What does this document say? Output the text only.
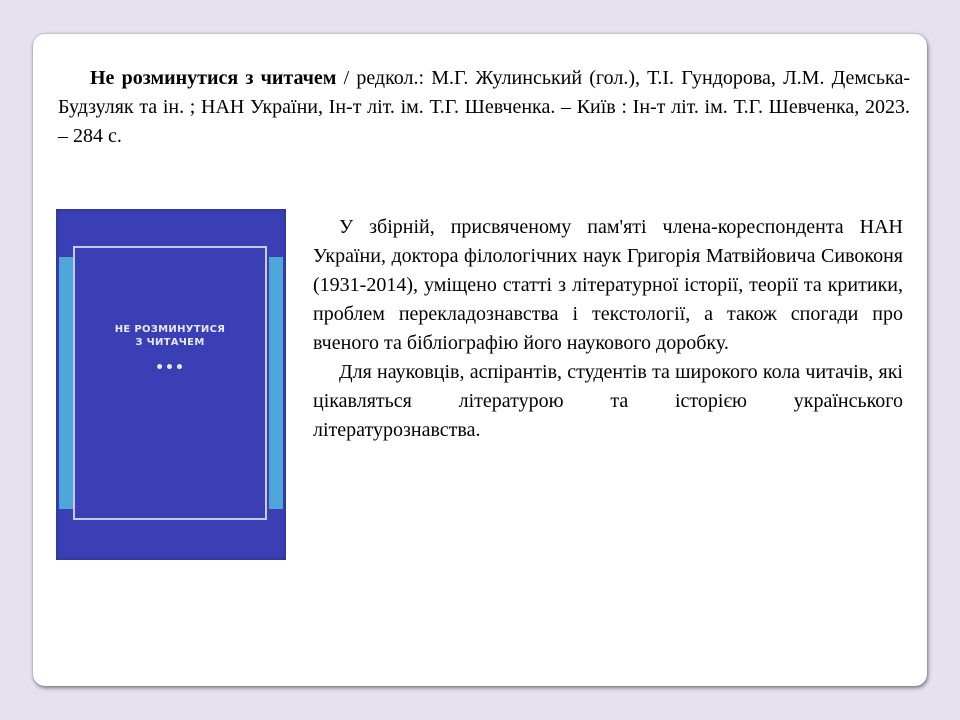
Не розминутися з читачем / редкол.: М.Г. Жулинський (гол.), Т.І. Гундорова, Л.М. Демська-Будзуляк та ін. ; НАН України, Ін-т літ. ім. Т.Г. Шевченка. – Київ : Ін-т літ. ім. Т.Г. Шевченка, 2023. – 284 с.

НЕ РОЗМИНУТИСЯ
З ЧИТАЧЕМ
•••

У збірній, присвяченому пам'яті члена-кореспондента НАН України, доктора філологічних наук Григорія Матвійовича Сивоконя (1931-2014), уміщено статті з літературної історії, теорії та критики, проблем перекладознавства і текстології, а також спогади про вченого та бібліографію його наукового доробку.

Для науковців, аспірантів, студентів та широкого кола читачів, які цікавляться літературою та історією українського літературознавства.
